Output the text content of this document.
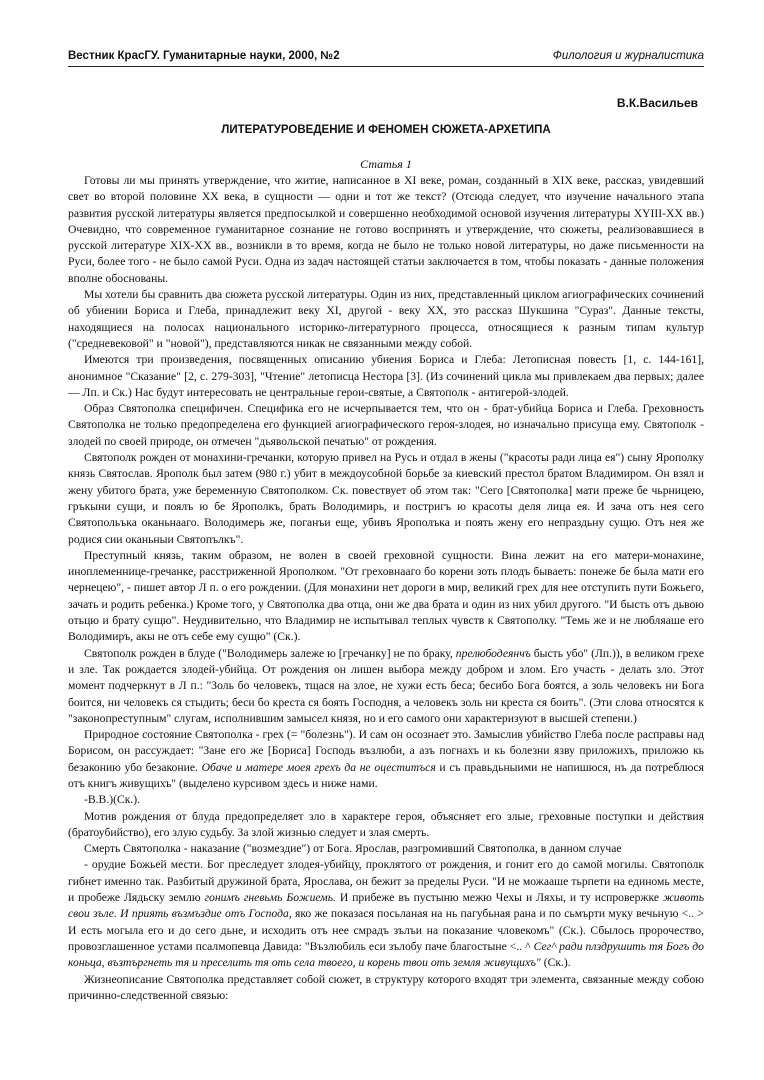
Вестник КрасГУ. Гуманитарные науки, 2000, №2	Филология и журналистика
В.К.Васильев
ЛИТЕРАТУРОВЕДЕНИЕ И ФЕНОМЕН СЮЖЕТА-АРХЕТИПА
Статья 1

Готовы ли мы принять утверждение, что житие, написанное в XI веке, роман, созданный в XIX веке, рассказ, увидевший свет во второй половине XX века, в сущности — одни и тот же текст? (Отсюда следует, что изучение начального этапа развития русской литературы является предпосылкой и совершенно необходимой основой изучения литературы XYIII-XX вв.) Очевидно, что современное гуманитарное сознание не готово воспринять и утверждение, что сюжеты, реализовавшиеся в русской литературе XIX-XX вв., возникли в то время, когда не было не только новой литературы, но даже письменности на Руси, более того - не было самой Руси. Одна из задач настоящей статьи заключается в том, чтобы показать - данные положения вполне обоснованы.

Мы хотели бы сравнить два сюжета русской литературы. Один из них, представленный циклом агиографических сочинений об убиении Бориса и Глеба, принадлежит веку XI, другой - веку XX, это рассказ Шукшина "Сураз". Данные тексты, находящиеся на полосах национального историко-литературного процесса, относящиеся к разным типам культур ("средневековой" и "новой"), представляются никак не связанными между собой.

Имеются три произведения, посвященных описанию убиения Бориса и Глеба: Летописная повесть [1, с. 144-161], анонимное "Сказание" [2, с. 279-303], "Чтение" летописца Нестора [3]. (Из сочинений цикла мы привлекаем два первых; далее — Лп. и Ск.) Нас будут интересовать не центральные герои-святые, а Святополк - антигерой-злодей.

Образ Святополка специфичен. Специфика его не исчерпывается тем, что он - брат-убийца Бориса и Глеба. Греховность Святополка не только предопределена его функцией агиографического героя-злодея, но изначально присуща ему. Святополк - злодей по своей природе, он отмечен "дьявольской печатью" от рождения.

Святополк рожден от монахини-гречанки, которую привел на Русь и отдал в жены ("красоты ради лица ея") сыну Ярополку князь Святослав. Ярополк был затем (980 г.) убит в междоусобной борьбе за киевский престол братом Владимиром. Он взял и жену убитого брата, уже беременную Святополком. Ск. повествует об этом так: "Сего [Святополка] мати преже бе чьрницею, гръкыни сущи, и поялъ ю бе Ярополкъ, брать Володимирь, и постригъ ю красоты деля лица ея. И зача отъ нея сего Святопольъка оканьнааго. Володимерь же, поганъи еще, убивъ Ярополъка и поять жену его непраздьну сущю. Отъ нея же родися сии оканьныи Святопълкъ".

Преступный князь, таким образом, не волен в своей греховной сущности. Вина лежит на его матери-монахине, иноплеменнице-гречанке, расстриженной Ярополком. "От греховнааго бо корени зоть плодъ бываеть: понеже бе была мати его чернецею", - пишет автор Л п. о его рождении. (Для монахини нет дороги в мир, великий грех для нее отступить пути Божьего, зачать и родить ребенка.) Кроме того, у Святополка два отца, они же два брата и один из них убил другого. "И бысть отъ дьвою отьцю и брату сущю". Неудивительно, что Владимир не испытывал теплых чувств к Святополку. "Темь же и не любляаше его Володимиръ, акы не отъ себе ему сущю" (Ск.).

Святополк рожден в блуде ("Володимерь залеже ю [гречанку] не по браку, прелюбодеянчъ бысть убо" (Лп.)), в великом грехе и зле. Так рождается злодей-убийца. От рождения он лишен выбора между добром и злом. Его участь - делать зло. Этот момент подчеркнут в Л п.: "Золь бо человекъ, тщася на злое, не хужи есть беса; бесибо Бога боятся, а золь человекъ ни Бога боится, ни человекъ ся стыдить; беси бо креста ся боять Господня, а человекъ золь ни креста ся боить". (Эти слова относятся к "законопреступным" слугам, исполнившим замысел князя, но и его самого они характеризуют в высшей степени.)

Природное состояние Святополка - грех (= "болезнь"). И сам он осознает это. Замыслив убийство Глеба после расправы над Борисом, он рассуждает: "Зане его же [Бориса] Господь възлюби, а азъ погнахъ и кь болезни язву приложихъ, приложю кь безаконию убо безаконие. Обаче и матере моея грехъ да не оцеститъся и съ правьдьныими не напишюся, нъ да потреблюся отъ книгъ живущихъ" (выделено курсивом здесь и ниже нами.

-В.В.)(Ск.).

Мотив рождения от блуда предопределяет зло в характере героя, объясняет его злые, греховные поступки и действия (братоубийство), его злую судьбу. За злой жизнью следует и злая смерть.

Смерть Святополка - наказание ("возмездие") от Бога. Ярослав, разгромивший Святополка, в данном случае

- орудие Божьей мести. Бог преследует злодея-убийцу, проклятого от рождения, и гонит его до самой могилы. Святополк гибнет именно так. Разбитый дружиной брата, Ярослава, он бежит за пределы Руси. "И не можааше тьрпети на единомь месте, и пробеже Лядьску землю гонимъ гневьмь Божиемь. И прибеже въ пустыню межю Чехы и Ляхы, и ту испровержке животь свои зъле. И приять възмъздие отъ Господа, яко же показася посьланая на нь пагубьная рана и по сьмърти муку вечьную <.. > И есть могыла его и до сего дьне, и исходить отъ нее смрадъ зълъи на показание чловекомъ" (Ск.). Сбылось пророчество, провозглашенное устами псалмопевца Давида: "Възлюбиль еси зълобу паче благостыне <.. ^ Сег^ ради плздрушить тя Богъ до коньца, възтъргнеть тя и преселить тя оть села твоего, и корень твои оть земля живущихъ" (Ск.).

Жизнеописание Святополка представляет собой сюжет, в структуру которого входят три элемента, связанные между собою причинно-следственной связью:
